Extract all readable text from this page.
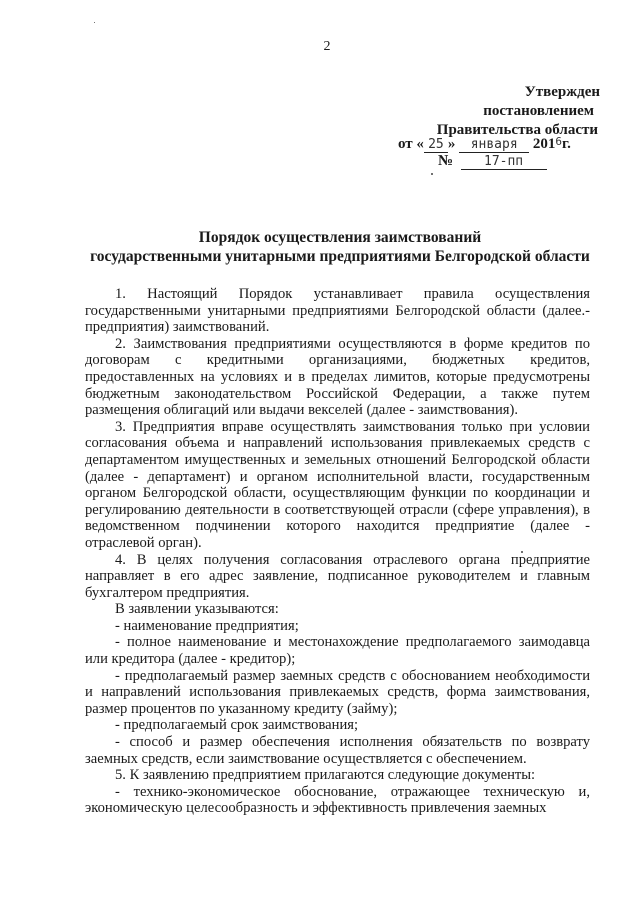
2
Утвержден
постановлением
Правительства области
от « 25 » января 2016г.
№ 17-пп
Порядок осуществления заимствований
государственными унитарными предприятиями Белгородской области

1. Настоящий Порядок устанавливает правила осуществления государственными унитарными предприятиями Белгородской области (далее.- предприятия) заимствований.

2. Заимствования предприятиями осуществляются в форме кредитов по договорам с кредитными организациями, бюджетных кредитов, предоставленных на условиях и в пределах лимитов, которые предусмотрены бюджетным законодательством Российской Федерации, а также путем размещения облигаций или выдачи векселей (далее - заимствования).

3. Предприятия вправе осуществлять заимствования только при условии согласования объема и направлений использования привлекаемых средств с департаментом имущественных и земельных отношений Белгородской области (далее - департамент) и органом исполнительной власти, государственным органом Белгородской области, осуществляющим функции по координации и регулированию деятельности в соответствующей отрасли (сфере управления), в ведомственном подчинении которого находится предприятие (далее - отраслевой орган).

4. В целях получения согласования отраслевого органа предприятие направляет в его адрес заявление, подписанное руководителем и главным бухгалтером предприятия.

В заявлении указываются:

- наименование предприятия;

- полное наименование и местонахождение предполагаемого заимодавца или кредитора (далее - кредитор);

- предполагаемый размер заемных средств с обоснованием необходимости и направлений использования привлекаемых средств, форма заимствования, размер процентов по указанному кредиту (займу);

- предполагаемый срок заимствования;

- способ и размер обеспечения исполнения обязательств по возврату заемных средств, если заимствование осуществляется с обеспечением.

5. К заявлению предприятием прилагаются следующие документы:

- технико-экономическое обоснование, отражающее техническую и, экономическую целесообразность и эффективность привлечения заемных
